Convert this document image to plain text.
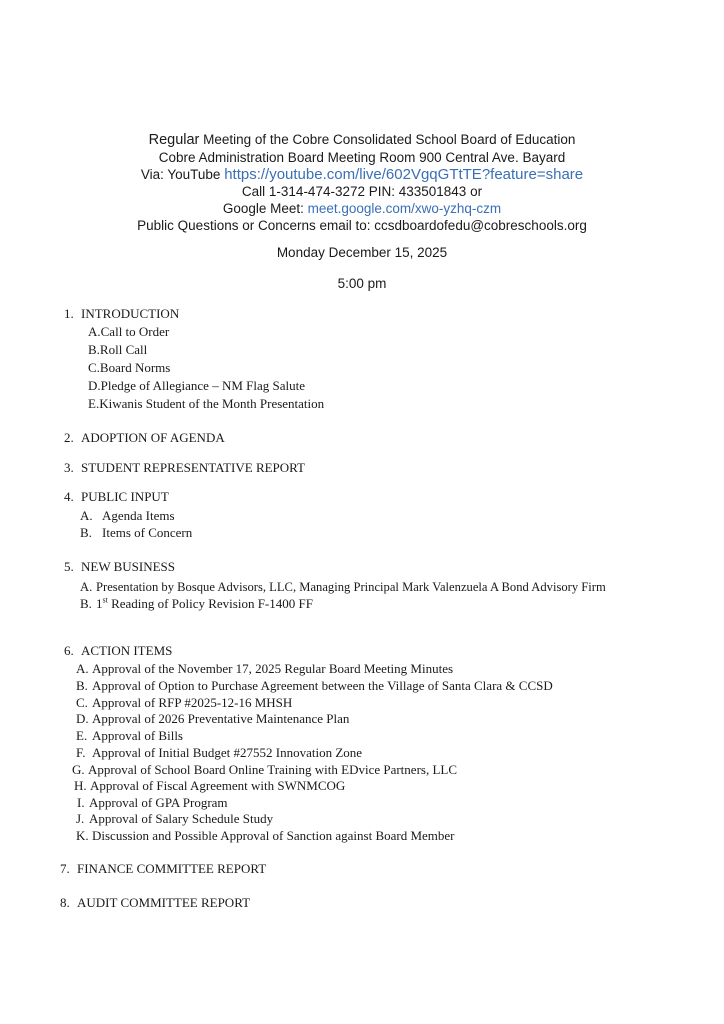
Regular Meeting of the Cobre Consolidated School Board of Education
Cobre Administration Board Meeting Room 900 Central Ave. Bayard
Via: YouTube https://youtube.com/live/602VgqGTtTE?feature=share
Call 1-314-474-3272 PIN: 433501843 or
Google Meet: meet.google.com/xwo-yzhq-czm
Public Questions or Concerns email to: ccsdboardofedu@cobreschools.org
Monday December 15, 2025
5:00 pm
1. INTRODUCTION
A.Call to Order
B.Roll Call
C.Board Norms
D.Pledge of Allegiance – NM Flag Salute
E.Kiwanis Student of the Month Presentation
2. ADOPTION OF AGENDA
3. STUDENT REPRESENTATIVE REPORT
4. PUBLIC INPUT
A. Agenda Items
B. Items of Concern
5. NEW BUSINESS
A. Presentation by Bosque Advisors, LLC, Managing Principal Mark Valenzuela A Bond Advisory Firm
B. 1st Reading of Policy Revision F-1400 FF
6. ACTION ITEMS
A. Approval of the November 17, 2025 Regular Board Meeting Minutes
B. Approval of Option to Purchase Agreement between the Village of Santa Clara & CCSD
C. Approval of RFP #2025-12-16 MHSH
D. Approval of 2026 Preventative Maintenance Plan
E. Approval of Bills
F. Approval of Initial Budget #27552 Innovation Zone
G. Approval of School Board Online Training with EDvice Partners, LLC
H. Approval of Fiscal Agreement with SWNMCOG
I. Approval of GPA Program
J. Approval of Salary Schedule Study
K. Discussion and Possible Approval of Sanction against Board Member
7. FINANCE COMMITTEE REPORT
8. AUDIT COMMITTEE REPORT
